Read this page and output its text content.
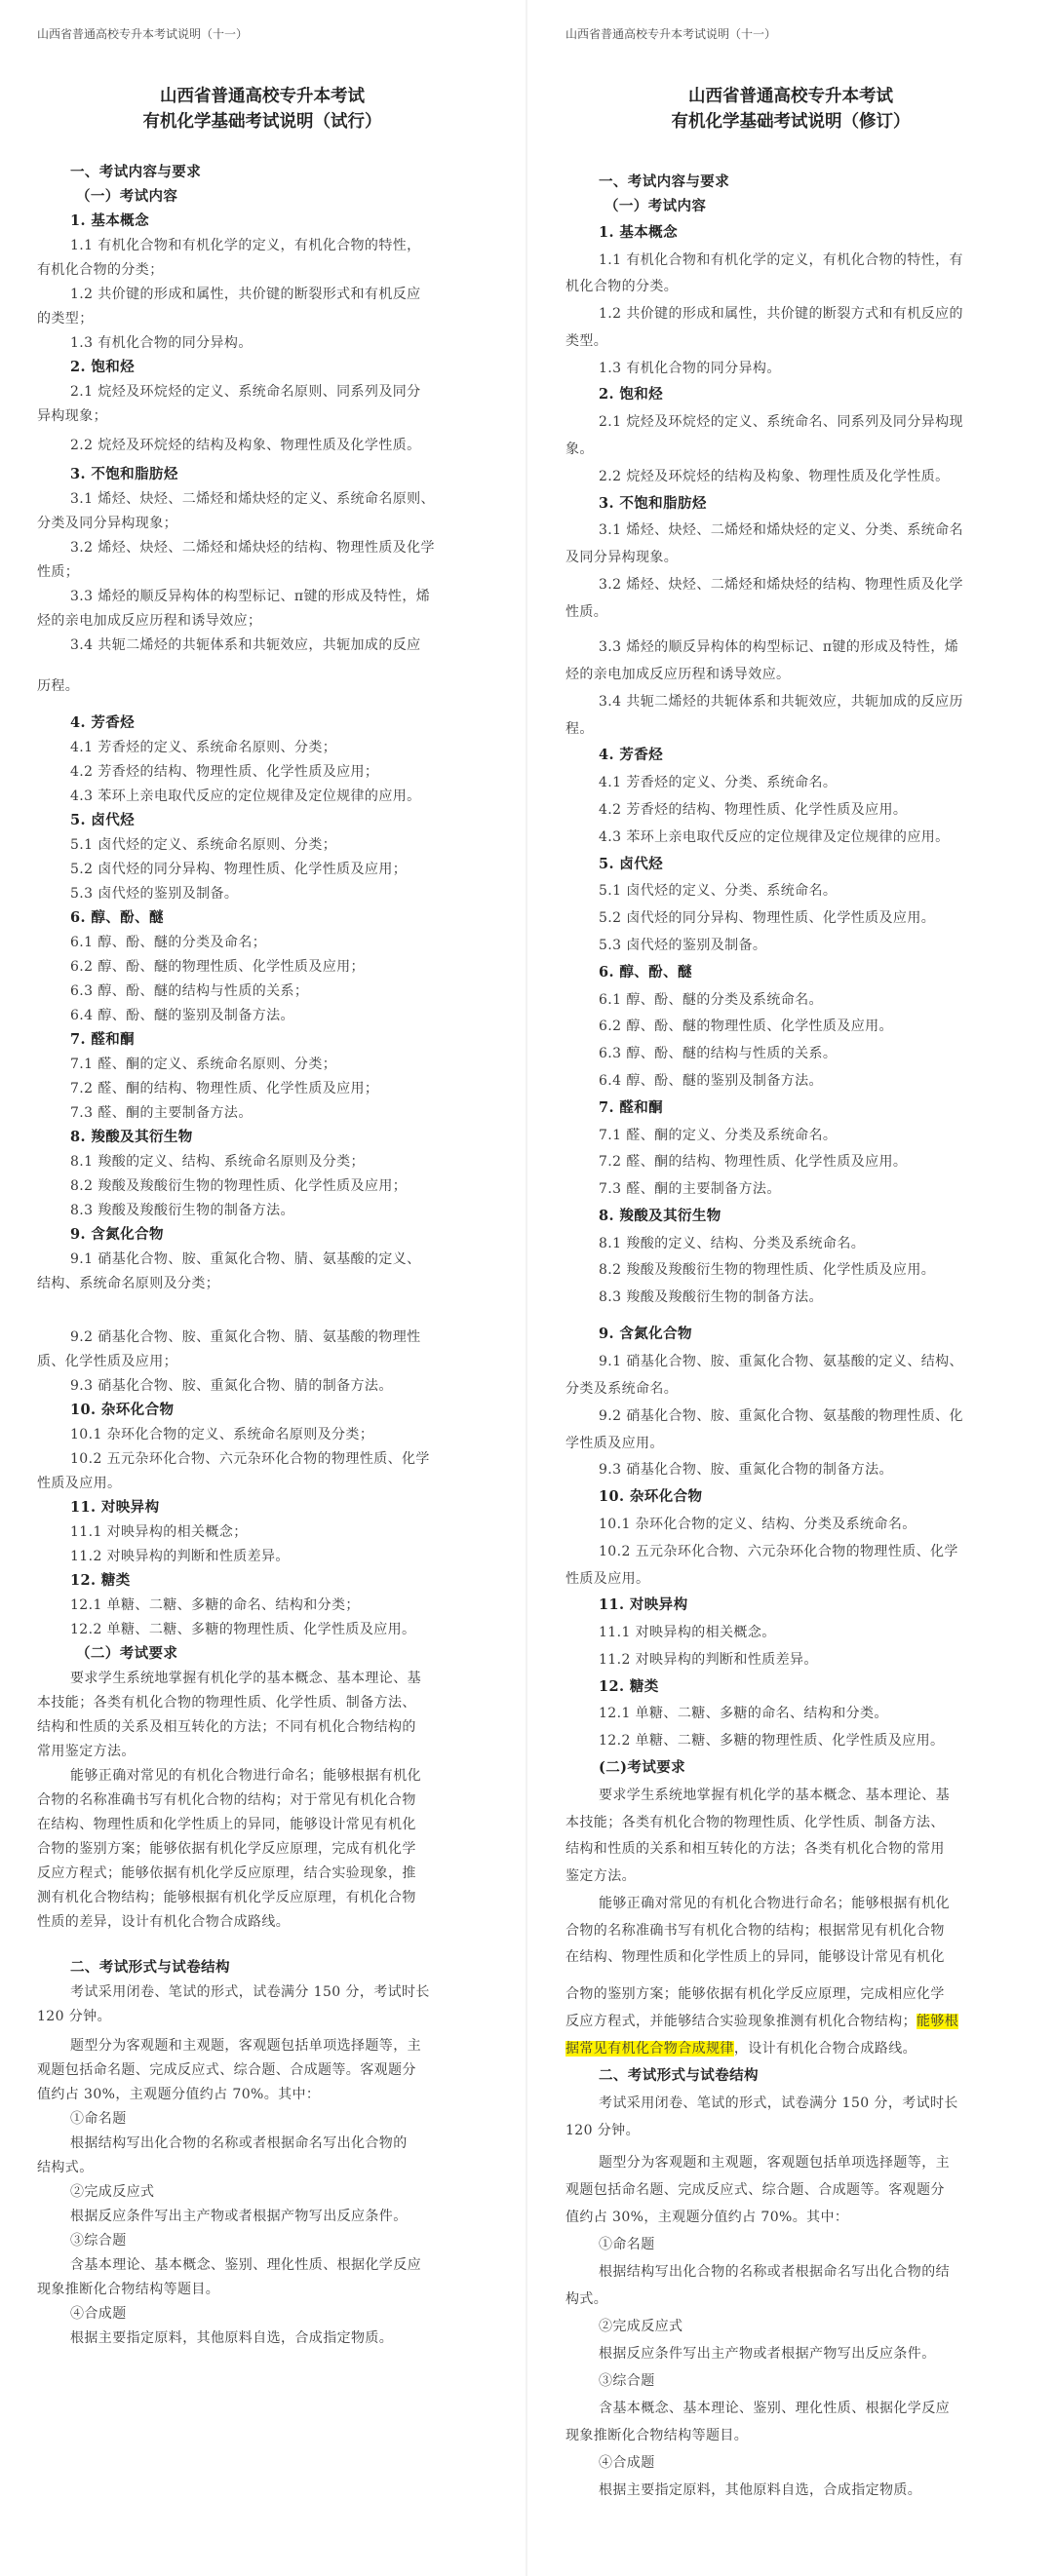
山西省普通高校专升本考试说明（十一）
山西省普通高校专升本考试
有机化学基础考试说明（试行）
一、考试内容与要求
（一）考试内容
1. 基本概念
1.1 有机化合物和有机化学的定义，有机化合物的特性，
有机化合物的分类；
1.2 共价键的形成和属性，共价键的断裂形式和有机反应
的类型；
1.3 有机化合物的同分异构。
2. 饱和烃
2.1 烷烃及环烷烃的定义、系统命名原则、同系列及同分
异构现象；
2.2 烷烃及环烷烃的结构及构象、物理性质及化学性质。
3. 不饱和脂肪烃
3.1 烯烃、炔烃、二烯烃和烯炔烃的定义、系统命名原则、
分类及同分异构现象；
3.2 烯烃、炔烃、二烯烃和烯炔烃的结构、物理性质及化学
性质；
3.3 烯烃的顺反异构体的构型标记、π键的形成及特性，烯
烃的亲电加成反应历程和诱导效应；
3.4 共轭二烯烃的共轭体系和共轭效应，共轭加成的反应
历程。
4. 芳香烃
4.1 芳香烃的定义、系统命名原则、分类；
4.2 芳香烃的结构、物理性质、化学性质及应用；
4.3 苯环上亲电取代反应的定位规律及定位规律的应用。
5. 卤代烃
5.1 卤代烃的定义、系统命名原则、分类；
5.2 卤代烃的同分异构、物理性质、化学性质及应用；
5.3 卤代烃的鉴别及制备。
6. 醇、酚、醚
6.1 醇、酚、醚的分类及命名；
6.2 醇、酚、醚的物理性质、化学性质及应用；
6.3 醇、酚、醚的结构与性质的关系；
6.4 醇、酚、醚的鉴别及制备方法。
7. 醛和酮
7.1 醛、酮的定义、系统命名原则、分类；
7.2 醛、酮的结构、物理性质、化学性质及应用；
7.3 醛、酮的主要制备方法。
8. 羧酸及其衍生物
8.1 羧酸的定义、结构、系统命名原则及分类；
8.2 羧酸及羧酸衍生物的物理性质、化学性质及应用；
8.3 羧酸及羧酸衍生物的制备方法。
9. 含氮化合物
9.1 硝基化合物、胺、重氮化合物、腈、氨基酸的定义、
结构、系统命名原则及分类；
9.2 硝基化合物、胺、重氮化合物、腈、氨基酸的物理性
质、化学性质及应用；
9.3 硝基化合物、胺、重氮化合物、腈的制备方法。
10. 杂环化合物
10.1 杂环化合物的定义、系统命名原则及分类；
10.2 五元杂环化合物、六元杂环化合物的物理性质、化学
性质及应用。
11. 对映异构
11.1 对映异构的相关概念；
11.2 对映异构的判断和性质差异。
12. 糖类
12.1 单糖、二糖、多糖的命名、结构和分类；
12.2 单糖、二糖、多糖的物理性质、化学性质及应用。
（二）考试要求
要求学生系统地掌握有机化学的基本概念、基本理论、基
本技能；各类有机化合物的物理性质、化学性质、制备方法、
结构和性质的关系及相互转化的方法；不同有机化合物结构的
常用鉴定方法。
能够正确对常见的有机化合物进行命名；能够根据有机化
合物的名称准确书写有机化合物的结构；对于常见有机化合物
在结构、物理性质和化学性质上的异同，能够设计常见有机化
合物的鉴别方案；能够依据有机化学反应原理，完成有机化学
反应方程式；能够依据有机化学反应原理，结合实验现象，推
测有机化合物结构；能够根据有机化学反应原理，有机化合物
性质的差异，设计有机化合物合成路线。
二、考试形式与试卷结构
考试采用闭卷、笔试的形式，试卷满分 150 分，考试时长
120 分钟。
题型分为客观题和主观题，客观题包括单项选择题等，主
观题包括命名题、完成反应式、综合题、合成题等。客观题分
值约占 30%，主观题分值约占 70%。其中：
①命名题
根据结构写出化合物的名称或者根据命名写出化合物的
结构式。
②完成反应式
根据反应条件写出主产物或者根据产物写出反应条件。
③综合题
含基本理论、基本概念、鉴别、理化性质、根据化学反应
现象推断化合物结构等题目。
④合成题
根据主要指定原料，其他原料自选，合成指定物质。
山西省普通高校专升本考试说明（十一）
山西省普通高校专升本考试
有机化学基础考试说明（修订）
一、考试内容与要求
（一）考试内容
1. 基本概念
1.1 有机化合物和有机化学的定义，有机化合物的特性，有
机化合物的分类。
1.2 共价键的形成和属性，共价键的断裂方式和有机反应的
类型。
1.3 有机化合物的同分异构。
2. 饱和烃
2.1 烷烃及环烷烃的定义、系统命名、同系列及同分异构现
象。
2.2 烷烃及环烷烃的结构及构象、物理性质及化学性质。
3. 不饱和脂肪烃
3.1 烯烃、炔烃、二烯烃和烯炔烃的定义、分类、系统命名
及同分异构现象。
3.2 烯烃、炔烃、二烯烃和烯炔烃的结构、物理性质及化学
性质。
3.3 烯烃的顺反异构体的构型标记、π键的形成及特性，烯
烃的亲电加成反应历程和诱导效应。
3.4 共轭二烯烃的共轭体系和共轭效应，共轭加成的反应历
程。
4. 芳香烃
4.1 芳香烃的定义、分类、系统命名。
4.2 芳香烃的结构、物理性质、化学性质及应用。
4.3 苯环上亲电取代反应的定位规律及定位规律的应用。
5. 卤代烃
5.1 卤代烃的定义、分类、系统命名。
5.2 卤代烃的同分异构、物理性质、化学性质及应用。
5.3 卤代烃的鉴别及制备。
6. 醇、酚、醚
6.1 醇、酚、醚的分类及系统命名。
6.2 醇、酚、醚的物理性质、化学性质及应用。
6.3 醇、酚、醚的结构与性质的关系。
6.4 醇、酚、醚的鉴别及制备方法。
7. 醛和酮
7.1 醛、酮的定义、分类及系统命名。
7.2 醛、酮的结构、物理性质、化学性质及应用。
7.3 醛、酮的主要制备方法。
8. 羧酸及其衍生物
8.1 羧酸的定义、结构、分类及系统命名。
8.2 羧酸及羧酸衍生物的物理性质、化学性质及应用。
8.3 羧酸及羧酸衍生物的制备方法。
9. 含氮化合物
9.1 硝基化合物、胺、重氮化合物、氨基酸的定义、结构、
分类及系统命名。
9.2 硝基化合物、胺、重氮化合物、氨基酸的物理性质、化
学性质及应用。
9.3 硝基化合物、胺、重氮化合物的制备方法。
10. 杂环化合物
10.1 杂环化合物的定义、结构、分类及系统命名。
10.2 五元杂环化合物、六元杂环化合物的物理性质、化学
性质及应用。
11. 对映异构
11.1 对映异构的相关概念。
11.2 对映异构的判断和性质差异。
12. 糖类
12.1 单糖、二糖、多糖的命名、结构和分类。
12.2 单糖、二糖、多糖的物理性质、化学性质及应用。
(二)考试要求
要求学生系统地掌握有机化学的基本概念、基本理论、基
本技能；各类有机化合物的物理性质、化学性质、制备方法、
结构和性质的关系和相互转化的方法；各类有机化合物的常用
鉴定方法。
能够正确对常见的有机化合物进行命名；能够根据有机化
合物的名称准确书写有机化合物的结构；根据常见有机化合物
在结构、物理性质和化学性质上的异同，能够设计常见有机化
合物的鉴别方案；能够依据有机化学反应原理，完成相应化学
反应方程式，并能够结合实验现象推测有机化合物结构；能够根
据常见有机化合物合成规律，设计有机化合物合成路线。
二、考试形式与试卷结构
考试采用闭卷、笔试的形式，试卷满分 150 分，考试时长
120 分钟。
题型分为客观题和主观题，客观题包括单项选择题等，主
观题包括命名题、完成反应式、综合题、合成题等。客观题分
值约占 30%，主观题分值约占 70%。其中：
①命名题
根据结构写出化合物的名称或者根据命名写出化合物的结
构式。
②完成反应式
根据反应条件写出主产物或者根据产物写出反应条件。
③综合题
含基本概念、基本理论、鉴别、理化性质、根据化学反应
现象推断化合物结构等题目。
④合成题
根据主要指定原料，其他原料自选，合成指定物质。
